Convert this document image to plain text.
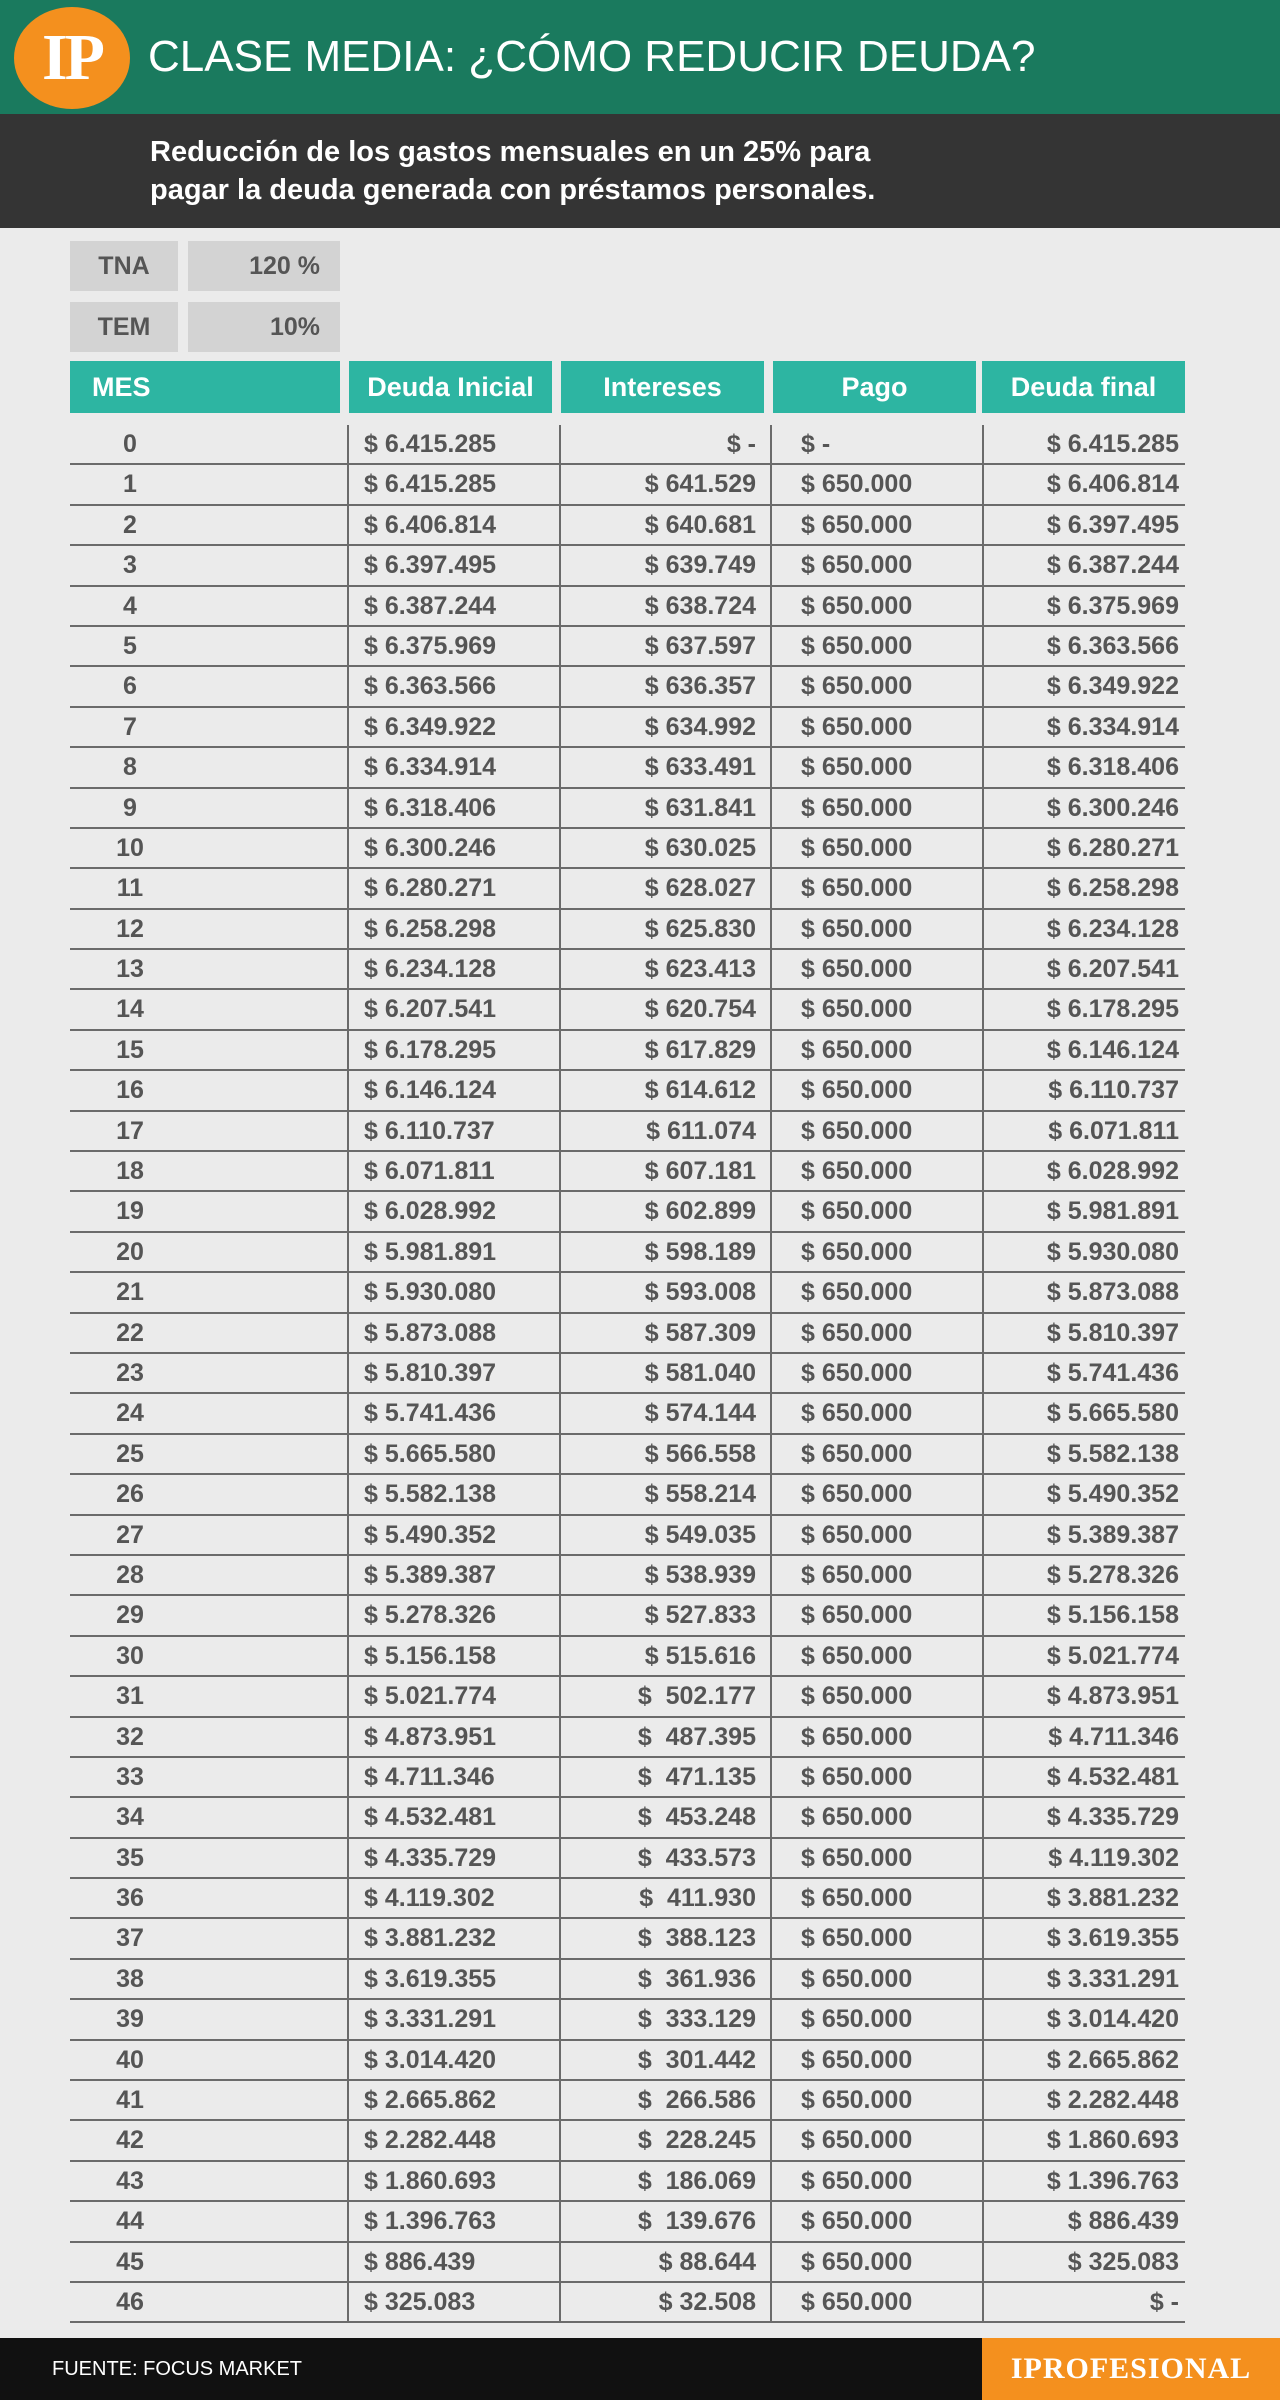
IP	CLASE MEDIA: ¿CÓMO REDUCIR DEUDA?
Reducción de los gastos mensuales en un 25% para
pagar la deuda generada con préstamos personales.
TNA	120 %
TEM	10%
MES	Deuda Inicial	Intereses	Pago	Deuda final
0	$ 6.415.285	$ -	$ -	$ 6.415.285
1	$ 6.415.285	$ 641.529	$ 650.000	$ 6.406.814
2	$ 6.406.814	$ 640.681	$ 650.000	$ 6.397.495
3	$ 6.397.495	$ 639.749	$ 650.000	$ 6.387.244
4	$ 6.387.244	$ 638.724	$ 650.000	$ 6.375.969
5	$ 6.375.969	$ 637.597	$ 650.000	$ 6.363.566
6	$ 6.363.566	$ 636.357	$ 650.000	$ 6.349.922
7	$ 6.349.922	$ 634.992	$ 650.000	$ 6.334.914
8	$ 6.334.914	$ 633.491	$ 650.000	$ 6.318.406
9	$ 6.318.406	$ 631.841	$ 650.000	$ 6.300.246
10	$ 6.300.246	$ 630.025	$ 650.000	$ 6.280.271
11	$ 6.280.271	$ 628.027	$ 650.000	$ 6.258.298
12	$ 6.258.298	$ 625.830	$ 650.000	$ 6.234.128
13	$ 6.234.128	$ 623.413	$ 650.000	$ 6.207.541
14	$ 6.207.541	$ 620.754	$ 650.000	$ 6.178.295
15	$ 6.178.295	$ 617.829	$ 650.000	$ 6.146.124
16	$ 6.146.124	$ 614.612	$ 650.000	$ 6.110.737
17	$ 6.110.737	$ 611.074	$ 650.000	$ 6.071.811
18	$ 6.071.811	$ 607.181	$ 650.000	$ 6.028.992
19	$ 6.028.992	$ 602.899	$ 650.000	$ 5.981.891
20	$ 5.981.891	$ 598.189	$ 650.000	$ 5.930.080
21	$ 5.930.080	$ 593.008	$ 650.000	$ 5.873.088
22	$ 5.873.088	$ 587.309	$ 650.000	$ 5.810.397
23	$ 5.810.397	$ 581.040	$ 650.000	$ 5.741.436
24	$ 5.741.436	$ 574.144	$ 650.000	$ 5.665.580
25	$ 5.665.580	$ 566.558	$ 650.000	$ 5.582.138
26	$ 5.582.138	$ 558.214	$ 650.000	$ 5.490.352
27	$ 5.490.352	$ 549.035	$ 650.000	$ 5.389.387
28	$ 5.389.387	$ 538.939	$ 650.000	$ 5.278.326
29	$ 5.278.326	$ 527.833	$ 650.000	$ 5.156.158
30	$ 5.156.158	$ 515.616	$ 650.000	$ 5.021.774
31	$ 5.021.774	$  502.177	$ 650.000	$ 4.873.951
32	$ 4.873.951	$  487.395	$ 650.000	$ 4.711.346
33	$ 4.711.346	$  471.135	$ 650.000	$ 4.532.481
34	$ 4.532.481	$  453.248	$ 650.000	$ 4.335.729
35	$ 4.335.729	$  433.573	$ 650.000	$ 4.119.302
36	$ 4.119.302	$  411.930	$ 650.000	$ 3.881.232
37	$ 3.881.232	$  388.123	$ 650.000	$ 3.619.355
38	$ 3.619.355	$  361.936	$ 650.000	$ 3.331.291
39	$ 3.331.291	$  333.129	$ 650.000	$ 3.014.420
40	$ 3.014.420	$  301.442	$ 650.000	$ 2.665.862
41	$ 2.665.862	$  266.586	$ 650.000	$ 2.282.448
42	$ 2.282.448	$  228.245	$ 650.000	$ 1.860.693
43	$ 1.860.693	$  186.069	$ 650.000	$ 1.396.763
44	$ 1.396.763	$  139.676	$ 650.000	$ 886.439
45	$ 886.439	$ 88.644	$ 650.000	$ 325.083
46	$ 325.083	$ 32.508	$ 650.000	$ -
FUENTE: FOCUS MARKET	IPROFESIONAL
